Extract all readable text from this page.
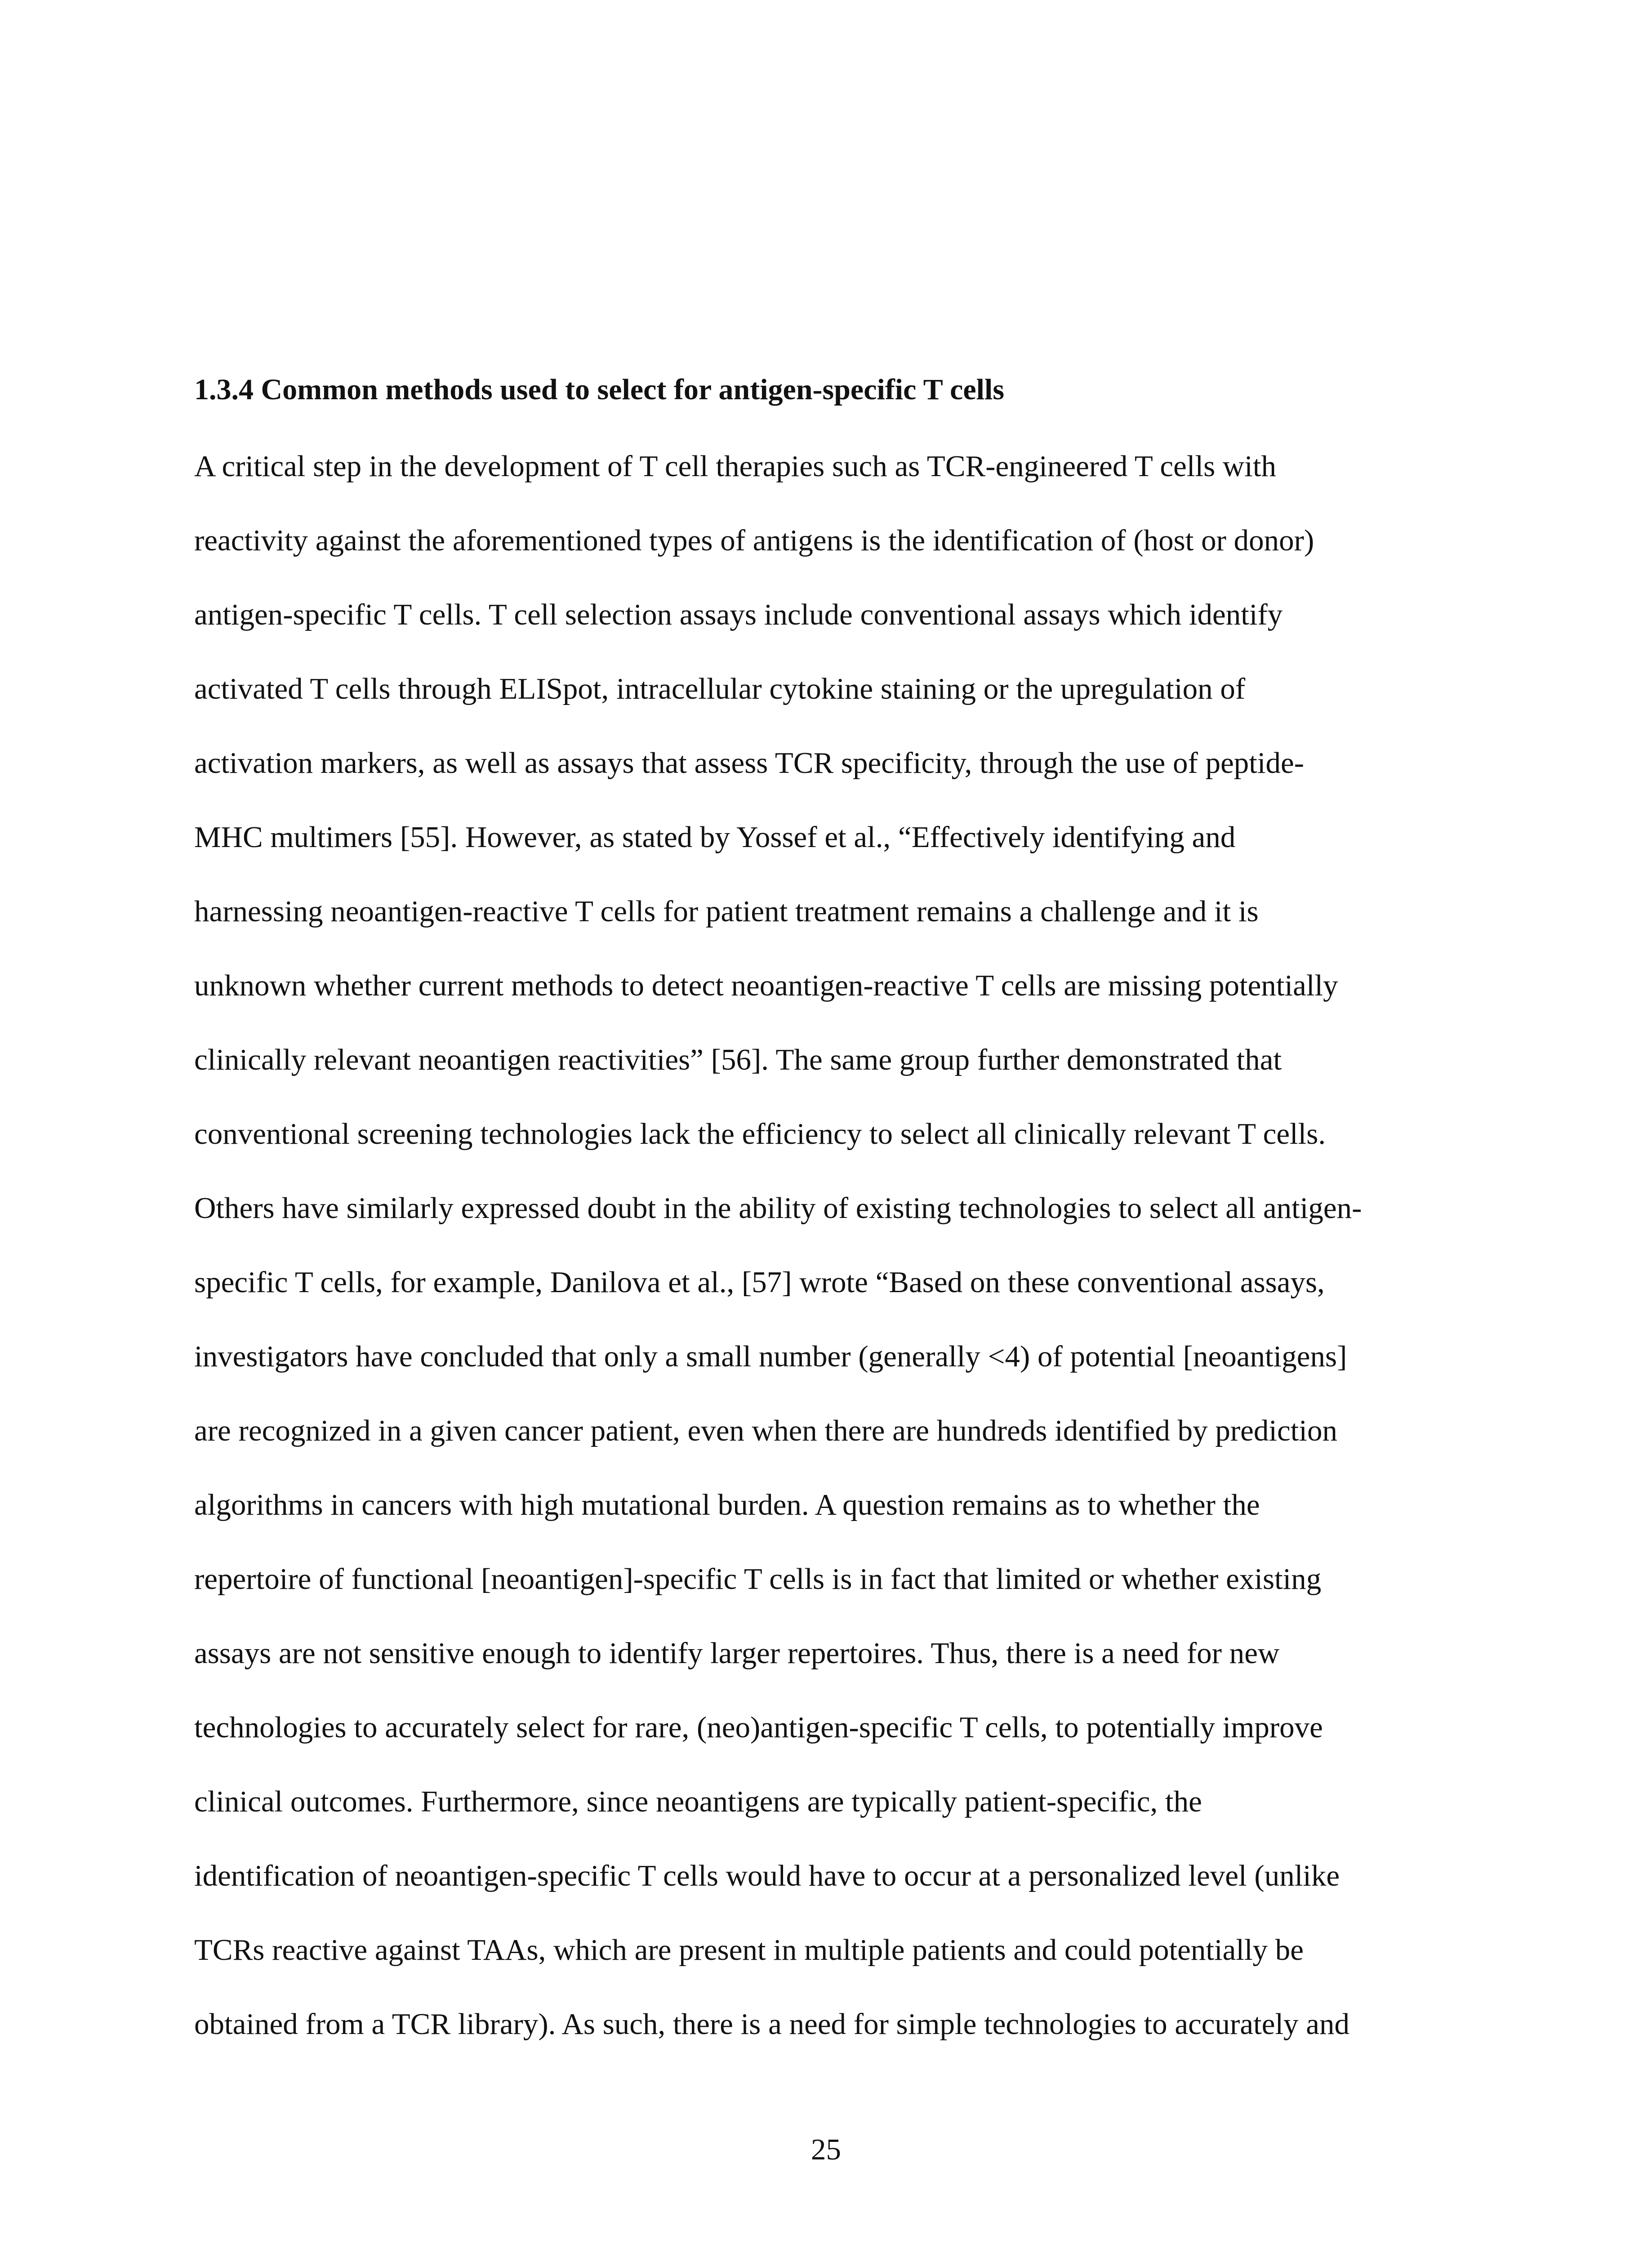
1.3.4 Common methods used to select for antigen-specific T cells
A critical step in the development of T cell therapies such as TCR-engineered T cells with
reactivity against the aforementioned types of antigens is the identification of (host or donor)
antigen-specific T cells. T cell selection assays include conventional assays which identify
activated T cells through ELISpot, intracellular cytokine staining or the upregulation of
activation markers, as well as assays that assess TCR specificity, through the use of peptide-
MHC multimers [55]. However, as stated by Yossef et al., “Effectively identifying and
harnessing neoantigen-reactive T cells for patient treatment remains a challenge and it is
unknown whether current methods to detect neoantigen-reactive T cells are missing potentially
clinically relevant neoantigen reactivities” [56]. The same group further demonstrated that
conventional screening technologies lack the efficiency to select all clinically relevant T cells.
Others have similarly expressed doubt in the ability of existing technologies to select all antigen-
specific T cells, for example, Danilova et al., [57] wrote “Based on these conventional assays,
investigators have concluded that only a small number (generally <4) of potential [neoantigens]
are recognized in a given cancer patient, even when there are hundreds identified by prediction
algorithms in cancers with high mutational burden. A question remains as to whether the
repertoire of functional [neoantigen]-specific T cells is in fact that limited or whether existing
assays are not sensitive enough to identify larger repertoires. Thus, there is a need for new
technologies to accurately select for rare, (neo)antigen-specific T cells, to potentially improve
clinical outcomes. Furthermore, since neoantigens are typically patient-specific, the
identification of neoantigen-specific T cells would have to occur at a personalized level (unlike
TCRs reactive against TAAs, which are present in multiple patients and could potentially be
obtained from a TCR library). As such, there is a need for simple technologies to accurately and
25
